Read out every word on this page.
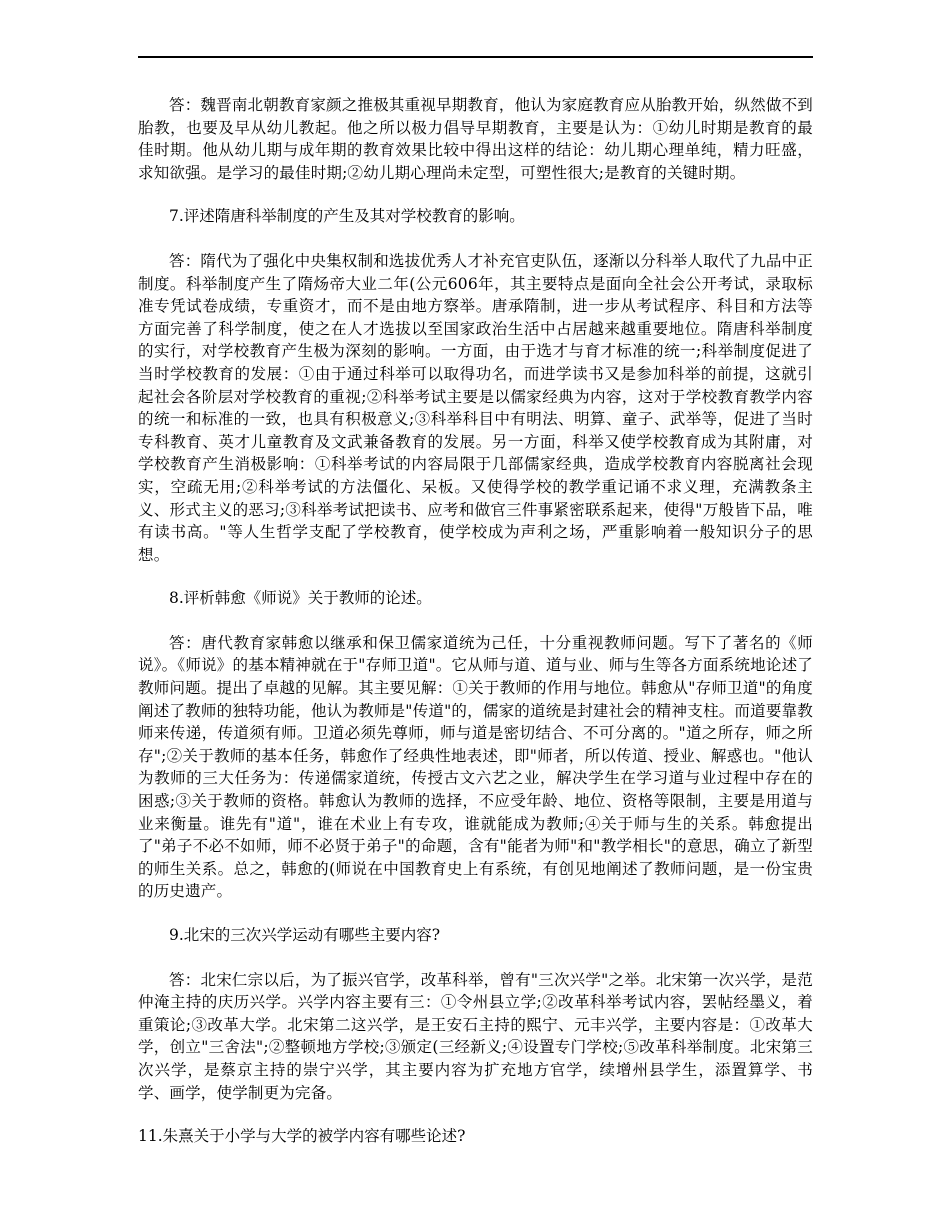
答：魏晋南北朝教育家颜之推极其重视早期教育，他认为家庭教育应从胎教开始，纵然做不到胎教，也要及早从幼儿教起。他之所以极力倡导早期教育，主要是认为：①幼儿时期是教育的最佳时期。他从幼儿期与成年期的教育效果比较中得出这样的结论：幼儿期心理单纯，精力旺盛，求知欲强。是学习的最佳时期;②幼儿期心理尚未定型，可塑性很大;是教育的关键时期。

7.评述隋唐科举制度的产生及其对学校教育的影响。

答：隋代为了强化中央集权制和选拔优秀人才补充官吏队伍，逐渐以分科举人取代了九品中正制度。科举制度产生了隋炀帝大业二年(公元606年，其主要特点是面向全社会公开考试，录取标准专凭试卷成绩，专重资才，而不是由地方察举。唐承隋制，进一步从考试程序、科目和方法等方面完善了科学制度，使之在人才选拔以至国家政治生活中占居越来越重要地位。隋唐科举制度的实行，对学校教育产生极为深刻的影响。一方面，由于选才与育才标准的统一;科举制度促进了当时学校教育的发展：①由于通过科举可以取得功名，而进学读书又是参加科举的前提，这就引起社会各阶层对学校教育的重视;②科举考试主要是以儒家经典为内容，这对于学校教育教学内容的统一和标准的一致，也具有积极意义;③科举科目中有明法、明算、童子、武举等，促进了当时专科教育、英才儿童教育及文武兼备教育的发展。另一方面，科举又使学校教育成为其附庸，对学校教育产生消极影响：①科举考试的内容局限于几部儒家经典，造成学校教育内容脱离社会现实，空疏无用;②科举考试的方法僵化、呆板。又使得学校的教学重记诵不求义理，充满教条主义、形式主义的恶习;③科举考试把读书、应考和做官三件事紧密联系起来，使得"万般皆下品，唯有读书高。"等人生哲学支配了学校教育，使学校成为声利之场，严重影响着一般知识分子的思想。

8.评析韩愈《师说》关于教师的论述。

答：唐代教育家韩愈以继承和保卫儒家道统为己任，十分重视教师问题。写下了著名的《师说》。《师说》的基本精神就在于"存师卫道"。它从师与道、道与业、师与生等各方面系统地论述了教师问题。提出了卓越的见解。其主要见解：①关于教师的作用与地位。韩愈从"存师卫道"的角度阐述了教师的独特功能，他认为教师是"传道"的，儒家的道统是封建社会的精神支柱。而道要靠教师来传递，传道须有师。卫道必须先尊师，师与道是密切结合、不可分离的。"道之所存，师之所存";②关于教师的基本任务，韩愈作了经典性地表述，即"师者，所以传道、授业、解惑也。"他认为教师的三大任务为：传递儒家道统，传授古文六艺之业，解决学生在学习道与业过程中存在的困惑;③关于教师的资格。韩愈认为教师的选择，不应受年龄、地位、资格等限制，主要是用道与业来衡量。谁先有"道"，谁在术业上有专攻，谁就能成为教师;④关于师与生的关系。韩愈提出了"弟子不必不如师，师不必贤于弟子"的命题，含有"能者为师"和"教学相长"的意思，确立了新型的师生关系。总之，韩愈的(师说在中国教育史上有系统，有创见地阐述了教师问题，是一份宝贵的历史遗产。

9.北宋的三次兴学运动有哪些主要内容?

答：北宋仁宗以后，为了振兴官学，改革科举，曾有"三次兴学"之举。北宋第一次兴学，是范仲淹主持的庆历兴学。兴学内容主要有三：①令州县立学;②改革科举考试内容，罢帖经墨义，着重策论;③改革大学。北宋第二这兴学，是王安石主持的熙宁、元丰兴学，主要内容是：①改革大学，创立"三舍法";②整顿地方学校;③颁定(三经新义;④设置专门学校;⑤改革科举制度。北宋第三次兴学，是蔡京主持的崇宁兴学，其主要内容为扩充地方官学，续增州县学生，添置算学、书学、画学，使学制更为完备。

11.朱熹关于小学与大学的被学内容有哪些论述?
